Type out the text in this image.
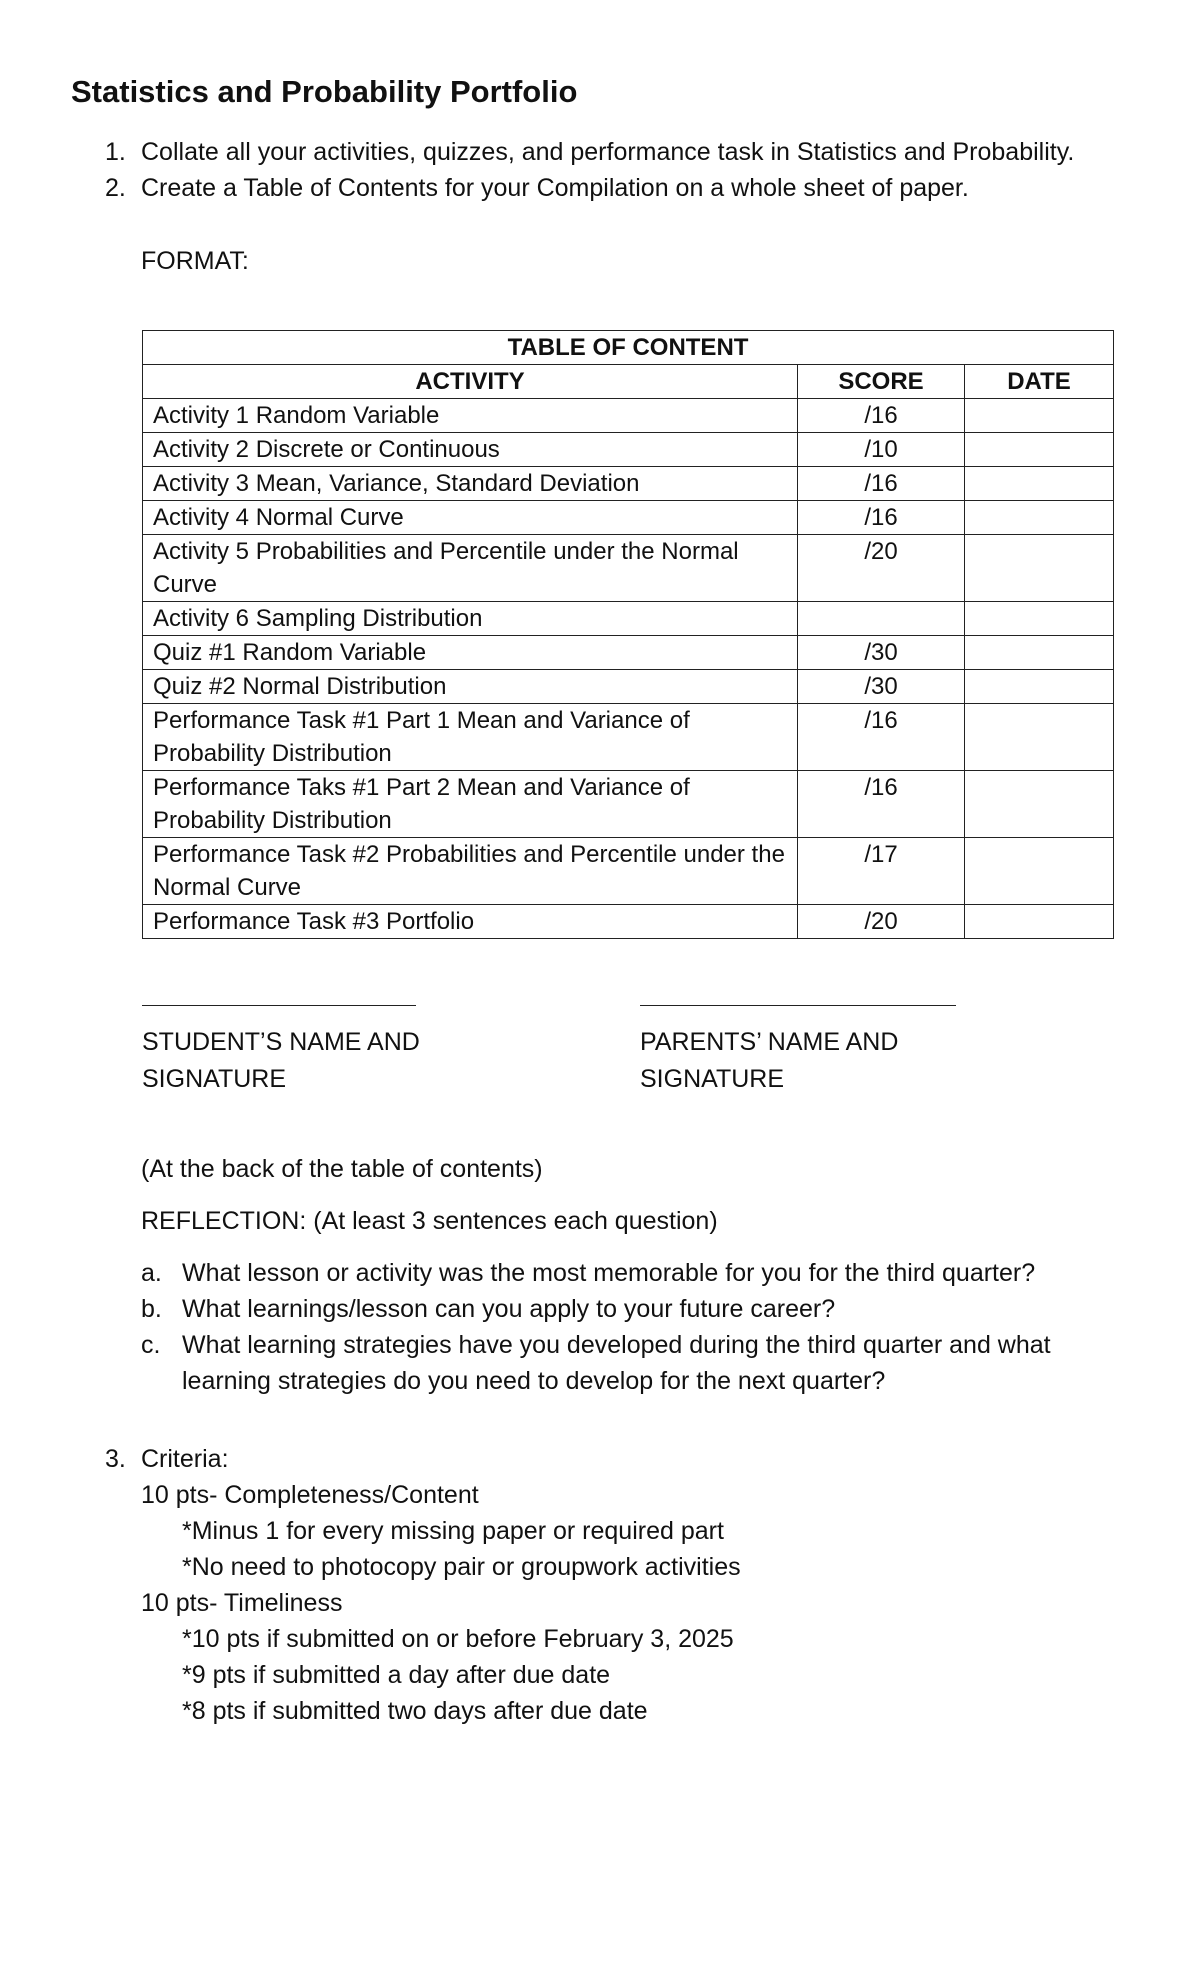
Statistics and Probability Portfolio
1. Collate all your activities, quizzes, and performance task in Statistics and Probability.
2. Create a Table of Contents for your Compilation on a whole sheet of paper.
FORMAT:
TABLE OF CONTENT		
ACTIVITY	SCORE	DATE
Activity 1 Random Variable	/16	
Activity 2 Discrete or Continuous	/10	
Activity 3 Mean, Variance, Standard Deviation	/16	
Activity 4 Normal Curve	/16	
Activity 5 Probabilities and Percentile under the Normal Curve	/20	
Activity 6 Sampling Distribution		
Quiz #1 Random Variable	/30	
Quiz #2 Normal Distribution	/30	
Performance Task #1 Part 1 Mean and Variance of Probability Distribution	/16	
Performance Taks #1 Part 2 Mean and Variance of Probability Distribution	/16	
Performance Task #2 Probabilities and Percentile under the Normal Curve	/17	
Performance Task #3 Portfolio	/20	
STUDENT’S NAME AND
SIGNATURE
PARENTS’ NAME AND
SIGNATURE
(At the back of the table of contents)
REFLECTION: (At least 3 sentences each question)
a. What lesson or activity was the most memorable for you for the third quarter?
b. What learnings/lesson can you apply to your future career?
c. What learning strategies have you developed during the third quarter and what learning strategies do you need to develop for the next quarter?
3. Criteria:
10 pts- Completeness/Content
*Minus 1 for every missing paper or required part
*No need to photocopy pair or groupwork activities
10 pts- Timeliness
*10 pts if submitted on or before February 3, 2025
*9 pts if submitted a day after due date
*8 pts if submitted two days after due date
